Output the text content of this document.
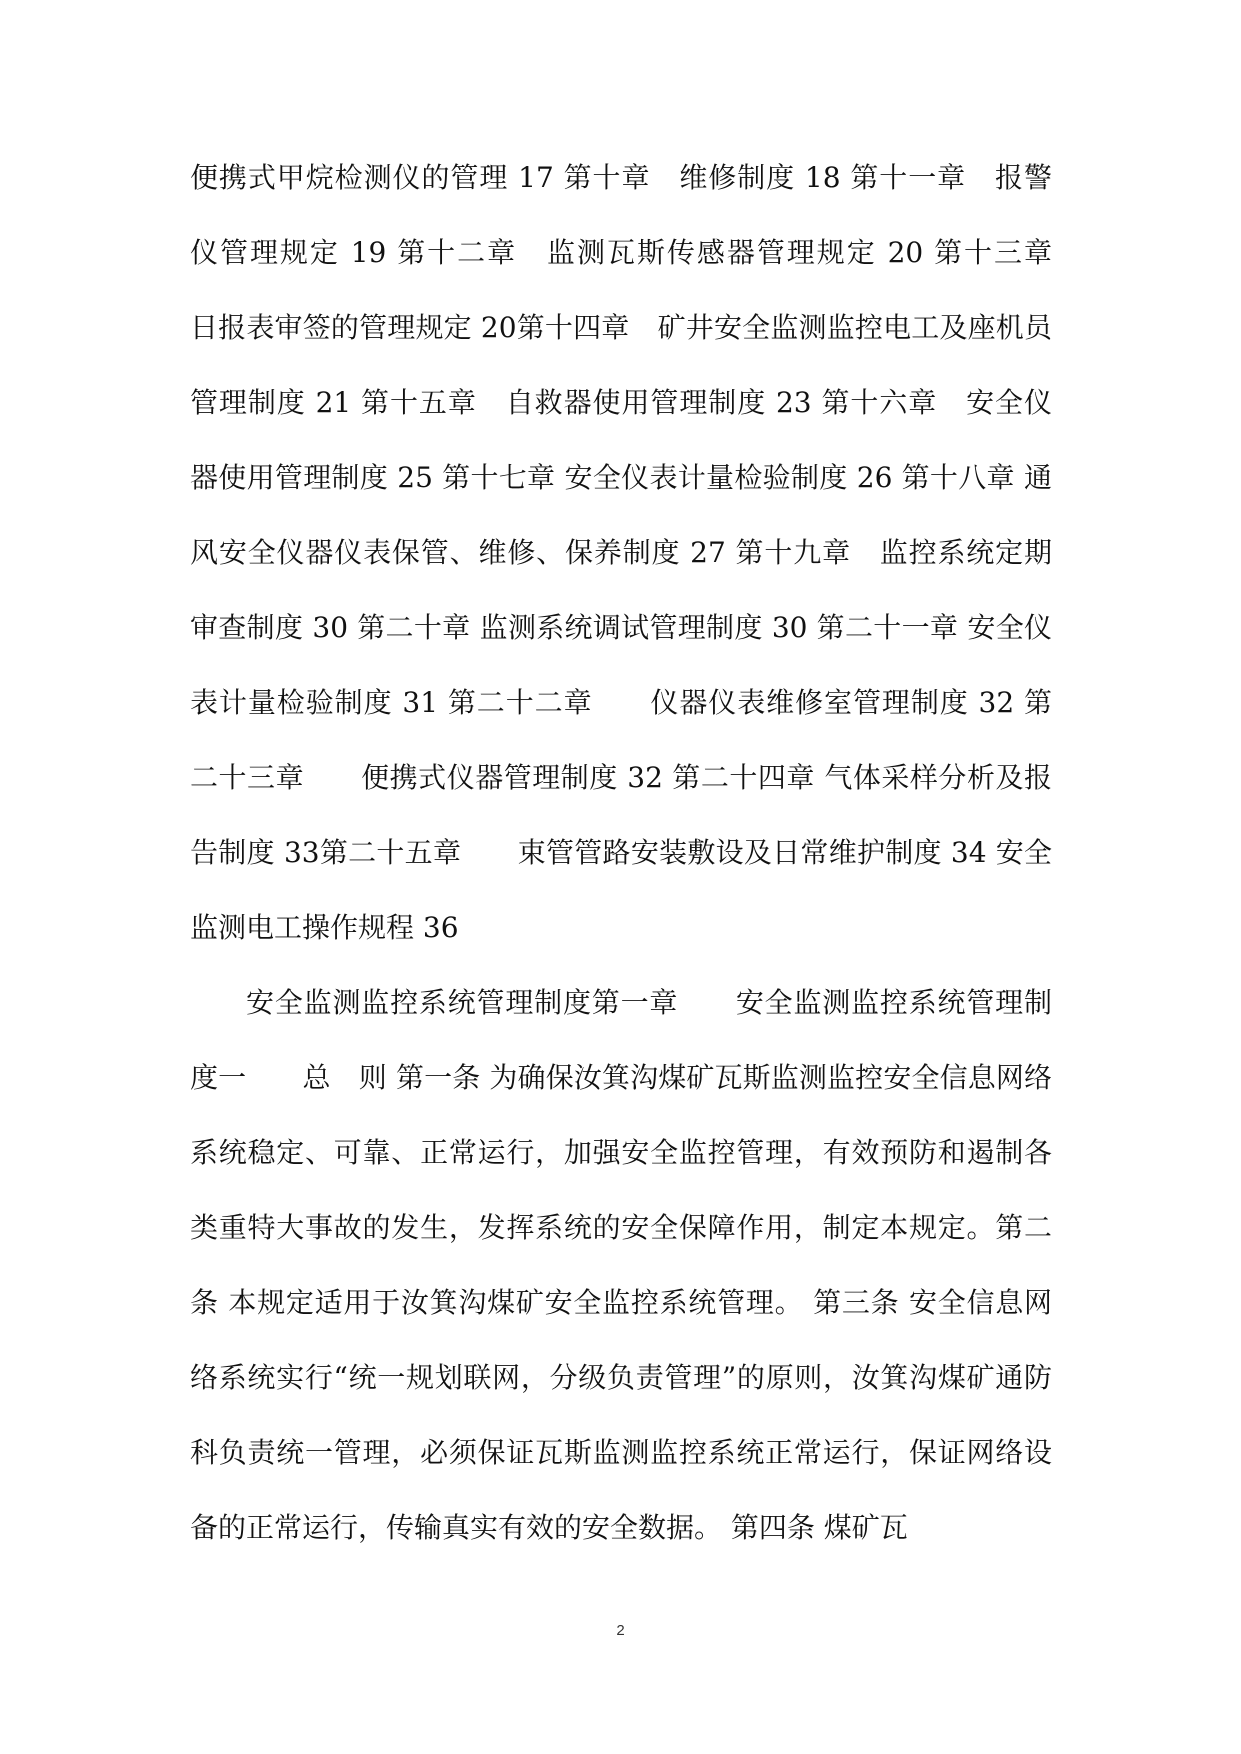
便携式甲烷检测仪的管理 17 第十章　维修制度 18 第十一章　报警仪管理规定 19 第十二章　监测瓦斯传感器管理规定 20 第十三章　日报表审签的管理规定 20第十四章　矿井安全监测监控电工及座机员管理制度 21 第十五章　自救器使用管理制度 23 第十六章　安全仪器使用管理制度 25 第十七章 安全仪表计量检验制度 26 第十八章 通风安全仪器仪表保管、维修、保养制度 27 第十九章　监控系统定期审查制度 30 第二十章 监测系统调试管理制度 30 第二十一章 安全仪表计量检验制度 31 第二十二章　　仪器仪表维修室管理制度 32 第二十三章　　便携式仪器管理制度 32 第二十四章 气体采样分析及报告制度 33第二十五章　　束管管路安装敷设及日常维护制度 34 安全监测电工操作规程 36

安全监测监控系统管理制度第一章　　安全监测监控系统管理制度一　　总　则 第一条 为确保汝箕沟煤矿瓦斯监测监控安全信息网络系统稳定、可靠、正常运行，加强安全监控管理，有效预防和遏制各类重特大事故的发生，发挥系统的安全保障作用，制定本规定。第二条 本规定适用于汝箕沟煤矿安全监控系统管理。 第三条 安全信息网络系统实行“统一规划联网，分级负责管理”的原则，汝箕沟煤矿通防科负责统一管理，必须保证瓦斯监测监控系统正常运行，保证网络设备的正常运行，传输真实有效的安全数据。 第四条 煤矿瓦

2
